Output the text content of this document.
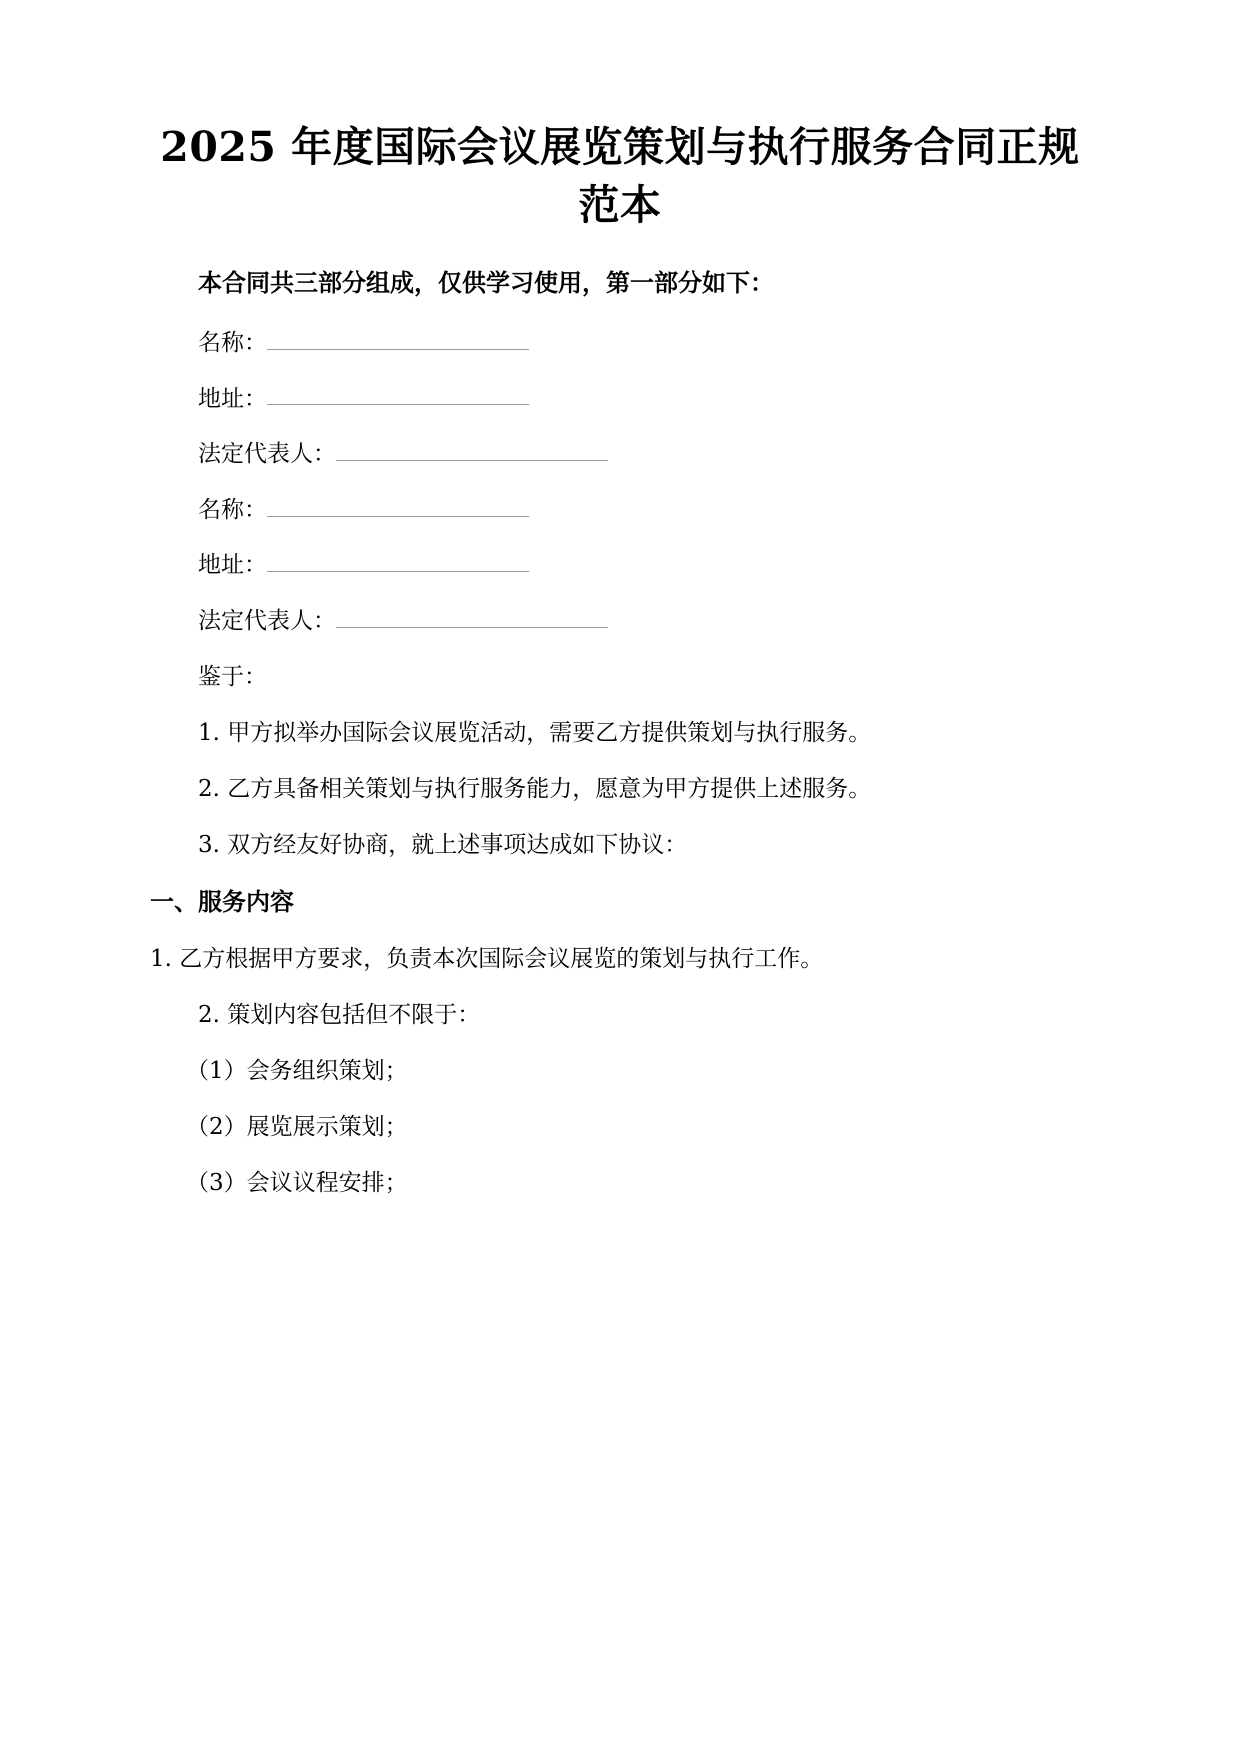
2025 年度国际会议展览策划与执行服务合同正规范本

本合同共三部分组成，仅供学习使用，第一部分如下：

名称：

地址：

法定代表人：

名称：

地址：

法定代表人：

鉴于：

1. 甲方拟举办国际会议展览活动，需要乙方提供策划与执行服务。

2. 乙方具备相关策划与执行服务能力，愿意为甲方提供上述服务。

3. 双方经友好协商，就上述事项达成如下协议：

一、服务内容

1. 乙方根据甲方要求，负责本次国际会议展览的策划与执行工作。

2. 策划内容包括但不限于：

（1）会务组织策划；

（2）展览展示策划；

（3）会议议程安排；
